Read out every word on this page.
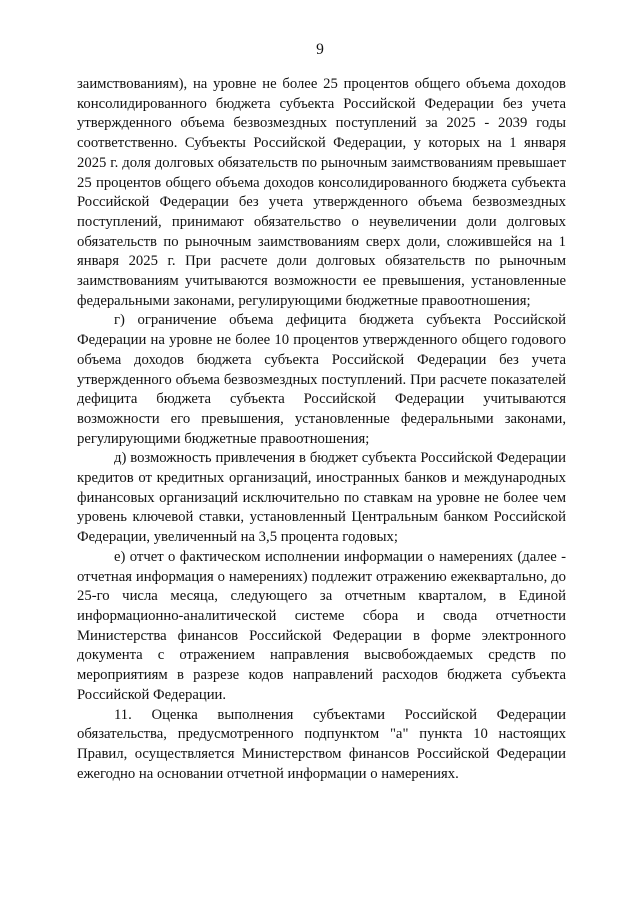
9

заимствованиям), на уровне не более 25 процентов общего объема доходов консолидированного бюджета субъекта Российской Федерации без учета утвержденного объема безвозмездных поступлений за 2025 - 2039 годы соответственно. Субъекты Российской Федерации, у которых на 1 января 2025 г. доля долговых обязательств по рыночным заимствованиям превышает 25 процентов общего объема доходов консолидированного бюджета субъекта Российской Федерации без учета утвержденного объема безвозмездных поступлений, принимают обязательство о неувеличении доли долговых обязательств по рыночным заимствованиям сверх доли, сложившейся на 1 января 2025 г. При расчете доли долговых обязательств по рыночным заимствованиям учитываются возможности ее превышения, установленные федеральными законами, регулирующими бюджетные правоотношения;

г) ограничение объема дефицита бюджета субъекта Российской Федерации на уровне не более 10 процентов утвержденного общего годового объема доходов бюджета субъекта Российской Федерации без учета утвержденного объема безвозмездных поступлений. При расчете показателей дефицита бюджета субъекта Российской Федерации учитываются возможности его превышения, установленные федеральными законами, регулирующими бюджетные правоотношения;

д) возможность привлечения в бюджет субъекта Российской Федерации кредитов от кредитных организаций, иностранных банков и международных финансовых организаций исключительно по ставкам на уровне не более чем уровень ключевой ставки, установленный Центральным банком Российской Федерации, увеличенный на 3,5 процента годовых;

е) отчет о фактическом исполнении информации о намерениях (далее - отчетная информация о намерениях) подлежит отражению ежеквартально, до 25-го числа месяца, следующего за отчетным кварталом, в Единой информационно-аналитической системе сбора и свода отчетности Министерства финансов Российской Федерации в форме электронного документа с отражением направления высвобождаемых средств по мероприятиям в разрезе кодов направлений расходов бюджета субъекта Российской Федерации.

11. Оценка выполнения субъектами Российской Федерации обязательства, предусмотренного подпунктом "а" пункта 10 настоящих Правил, осуществляется Министерством финансов Российской Федерации ежегодно на основании отчетной информации о намерениях.
